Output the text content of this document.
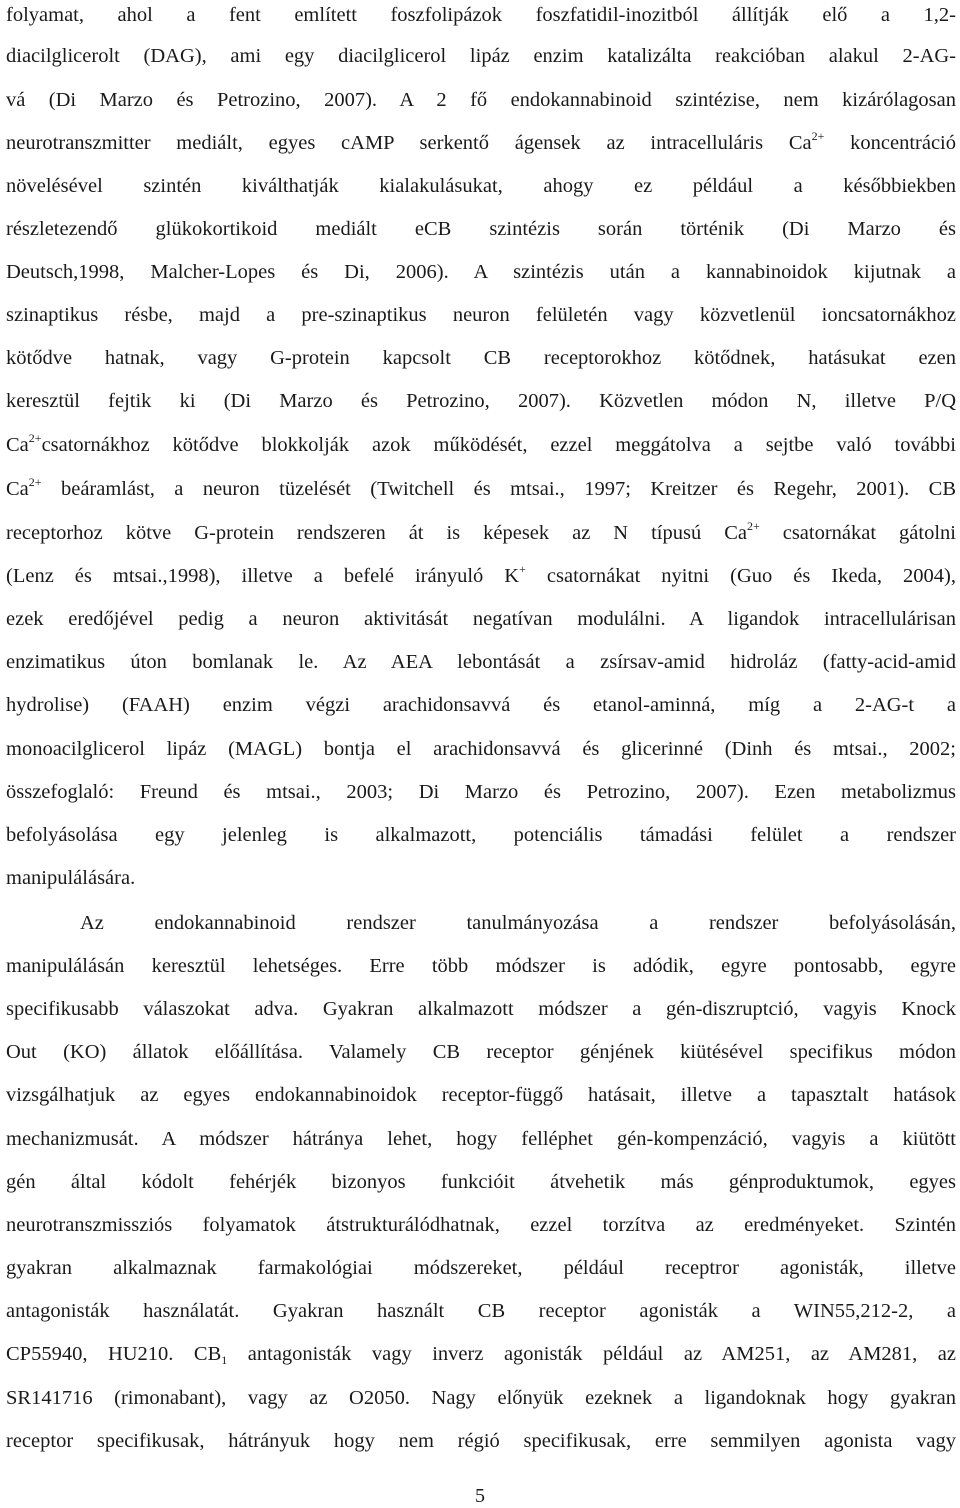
folyamat, ahol a fent említett foszfolipázok foszfatidil-inozitból állítják elő a 1,2-
diacilglicerolt (DAG), ami egy diacilglicerol lipáz enzim katalizálta reakcióban alakul 2-AG-
vá (Di Marzo és Petrozino, 2007). A 2 fő endokannabinoid szintézise, nem kizárólagosan
neurotranszmitter mediált, egyes cAMP serkentő ágensek az intracelluláris $Ca^{2+}$ koncentráció
növelésével szintén kiválthatják kialakulásukat, ahogy ez például a későbbiekben
részletezendő glükokortikoid mediált eCB szintézis során történik (Di Marzo és
Deutsch,1998, Malcher-Lopes és Di, 2006). A szintézis után a kannabinoidok kijutnak a
szinaptikus résbe, majd a pre-szinaptikus neuron felületén vagy közvetlenül ioncsatornákhoz
kötődve hatnak, vagy G-protein kapcsolt CB receptorokhoz kötődnek, hatásukat ezen
keresztül fejtik ki (Di Marzo és Petrozino, 2007). Közvetlen módon N, illetve P/Q
$Ca^{2+}csatornákhoz$ kötődve blokkolják azok működését, ezzel meggátolva a sejtbe való további
$Ca^{2+}$ beáramlást, a neuron tüzelését (Twitchell és mtsai., 1997; Kreitzer és Regehr, 2001). CB
receptorhoz kötve G-protein rendszeren át is képesek az N típusú $Ca^{2+}$ csatornákat gátolni
(Lenz és mtsai.,1998), illetve a befelé irányuló K+ csatornákat nyitni (Guo és Ikeda, 2004),
ezek eredőjével pedig a neuron aktivitását negatívan modulálni. A ligandok intracellulárisan
enzimatikus úton bomlanak le. Az AEA lebontását a zsírsav-amid hidroláz (fatty-acid-amid
hydrolise) (FAAH) enzim végzi arachidonsavvá és etanol-aminná, míg a 2-AG-t a
monoacilglicerol lipáz (MAGL) bontja el arachidonsavvá és glicerinné (Dinh és mtsai., 2002;
összefoglaló: Freund és mtsai., 2003; Di Marzo és Petrozino, 2007). Ezen metabolizmus
befolyásolása egy jelenleg is alkalmazott, potenciális támadási felület a rendszer
manipulálására.
Az endokannabinoid rendszer tanulmányozása a rendszer befolyásolásán,
manipulálásán keresztül lehetséges. Erre több módszer is adódik, egyre pontosabb, egyre
specifikusabb válaszokat adva. Gyakran alkalmazott módszer a gén-diszruptció, vagyis Knock
Out (KO) állatok előállítása. Valamely CB receptor génjének kiütésével specifikus módon
vizsgálhatjuk az egyes endokannabinoidok receptor-függő hatásait, illetve a tapasztalt hatások
mechanizmusát. A módszer hátránya lehet, hogy felléphet gén-kompenzáció, vagyis a kiütött
gén által kódolt fehérjék bizonyos funkcióit átvehetik más génproduktumok, egyes
neurotranszmissziós folyamatok átstrukturálódhatnak, ezzel torzítva az eredményeket. Szintén
gyakran alkalmaznak farmakológiai módszereket, például receptror agonisták, illetve
antagonisták használatát. Gyakran használt CB receptor agonisták a WIN55,212-2, a
CP55940, HU210. $CB_1$ antagonisták vagy inverz agonisták például az AM251, az AM281, az
SR141716 (rimonabant), vagy az O2050. Nagy előnyük ezeknek a ligandoknak hogy gyakran
receptor specifikusak, hátrányuk hogy nem régió specifikusak, erre semmilyen agonista vagy
5
